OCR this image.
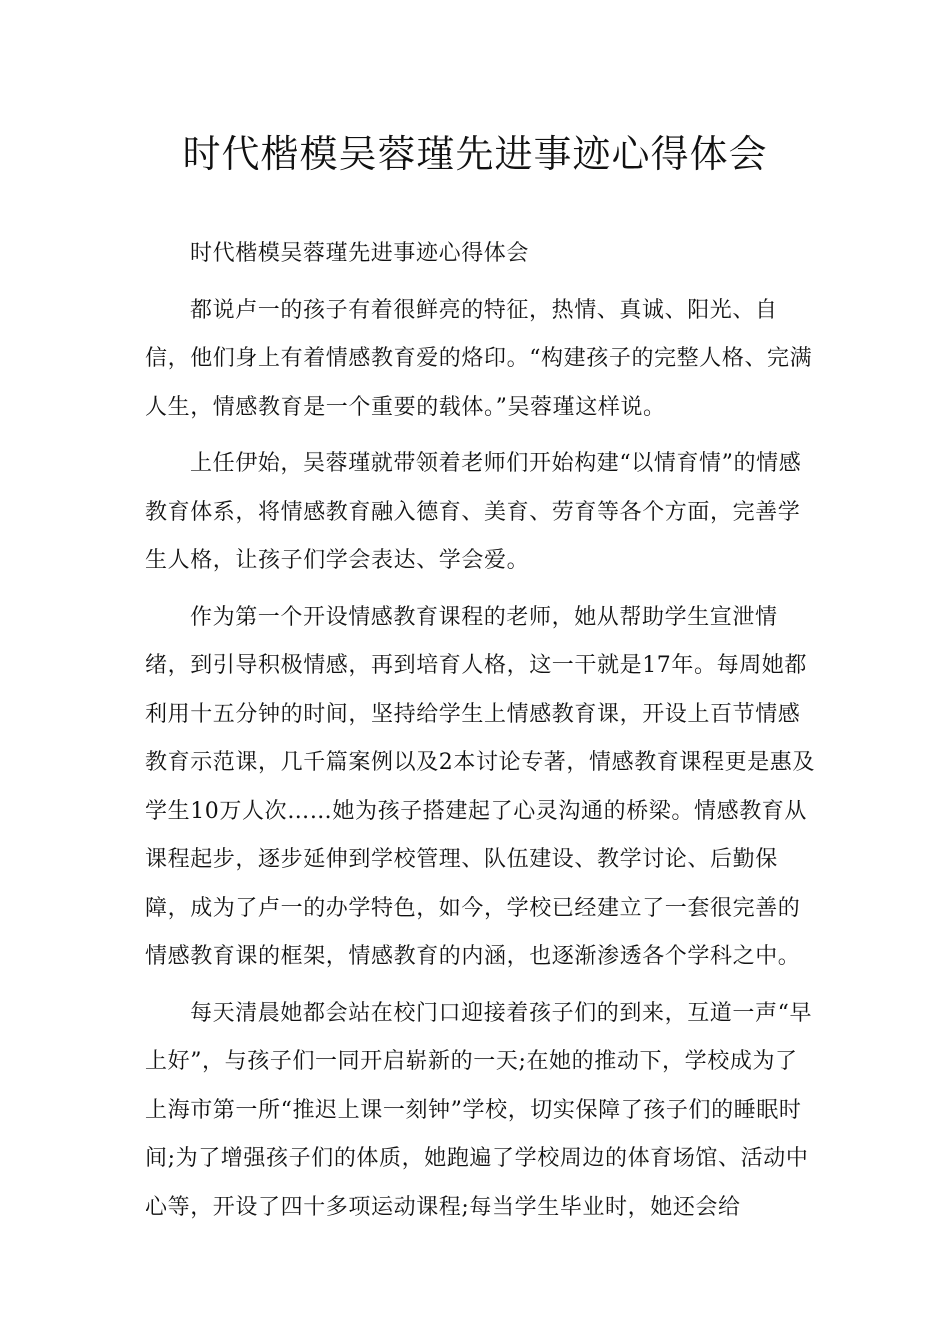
时代楷模吴蓉瑾先进事迹心得体会

时代楷模吴蓉瑾先进事迹心得体会

都说卢一的孩子有着很鲜亮的特征，热情、真诚、阳光、自信，他们身上有着情感教育爱的烙印。“构建孩子的完整人格、完满人生，情感教育是一个重要的载体。”吴蓉瑾这样说。

上任伊始，吴蓉瑾就带领着老师们开始构建“以情育情”的情感教育体系，将情感教育融入德育、美育、劳育等各个方面，完善学生人格，让孩子们学会表达、学会爱。

作为第一个开设情感教育课程的老师，她从帮助学生宣泄情绪，到引导积极情感，再到培育人格，这一干就是17年。每周她都利用十五分钟的时间，坚持给学生上情感教育课，开设上百节情感教育示范课，几千篇案例以及2本讨论专著，情感教育课程更是惠及学生10万人次……她为孩子搭建起了心灵沟通的桥梁。情感教育从课程起步，逐步延伸到学校管理、队伍建设、教学讨论、后勤保障，成为了卢一的办学特色，如今，学校已经建立了一套很完善的情感教育课的框架，情感教育的内涵，也逐渐渗透各个学科之中。

每天清晨她都会站在校门口迎接着孩子们的到来，互道一声“早上好”，与孩子们一同开启崭新的一天;在她的推动下，学校成为了上海市第一所“推迟上课一刻钟”学校，切实保障了孩子们的睡眠时间;为了增强孩子们的体质，她跑遍了学校周边的体育场馆、活动中心等，开设了四十多项运动课程;每当学生毕业时，她还会给
